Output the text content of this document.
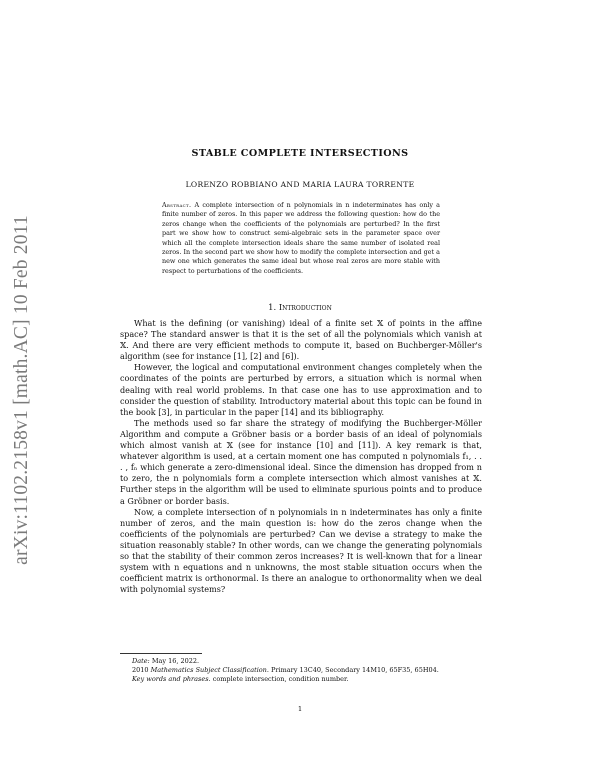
arXiv:1102.2158v1 [math.AC] 10 Feb 2011
STABLE COMPLETE INTERSECTIONS
LORENZO ROBBIANO AND MARIA LAURA TORRENTE
Abstract. A complete intersection of n polynomials in n indeterminates has only a finite number of zeros. In this paper we address the following question: how do the zeros change when the coefficients of the polynomials are perturbed? In the first part we show how to construct semi-algebraic sets in the parameter space over which all the complete intersection ideals share the same number of isolated real zeros. In the second part we show how to modify the complete intersection and get a new one which generates the same ideal but whose real zeros are more stable with respect to perturbations of the coefficients.
1. Introduction

What is the defining (or vanishing) ideal of a finite set 𝕏 of points in the affine space? The standard answer is that it is the set of all the polynomials which vanish at 𝕏. And there are very efficient methods to compute it, based on Buchberger-Möller's algorithm (see for instance [1], [2] and [6]).

However, the logical and computational environment changes completely when the coordinates of the points are perturbed by errors, a situation which is normal when dealing with real world problems. In that case one has to use approximation and to consider the question of stability. Introductory material about this topic can be found in the book [3], in particular in the paper [14] and its bibliography.

The methods used so far share the strategy of modifying the Buchberger-Möller Algorithm and compute a Gröbner basis or a border basis of an ideal of polynomials which almost vanish at 𝕏 (see for instance [10] and [11]). A key remark is that, whatever algorithm is used, at a certain moment one has computed n polynomials f₁, . . . , fₙ which generate a zero-dimensional ideal. Since the dimension has dropped from n to zero, the n polynomials form a complete intersection which almost vanishes at 𝕏. Further steps in the algorithm will be used to eliminate spurious points and to produce a Gröbner or border basis.

Now, a complete intersection of n polynomials in n indeterminates has only a finite number of zeros, and the main question is: how do the zeros change when the coefficients of the polynomials are perturbed? Can we devise a strategy to make the situation reasonably stable? In other words, can we change the generating polynomials so that the stability of their common zeros increases? It is well-known that for a linear system with n equations and n unknowns, the most stable situation occurs when the coefficient matrix is orthonormal. Is there an analogue to orthonormality when we deal with polynomial systems?

Date: May 16, 2022.
2010 Mathematics Subject Classification. Primary 13C40, Secondary 14M10, 65F35, 65H04.
Key words and phrases. complete intersection, condition number.
1
